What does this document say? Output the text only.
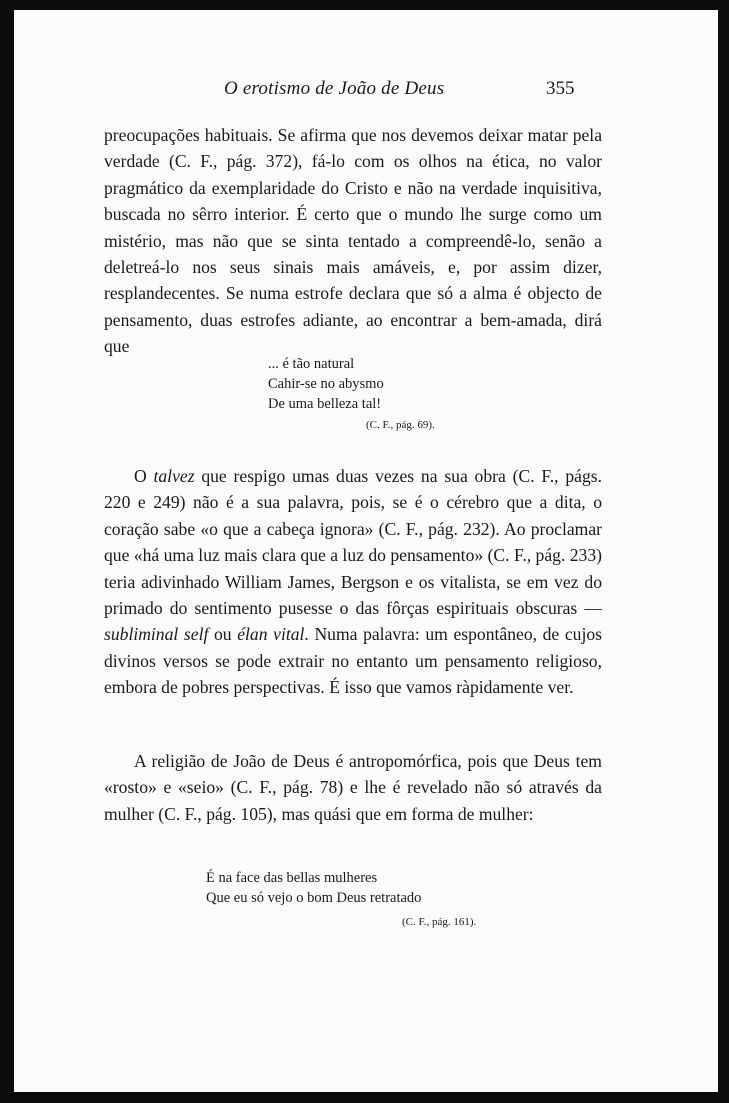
O erotismo de João de Deus	355

preocupações habituais. Se afirma que nos devemos deixar matar pela verdade (C. F., pág. 372), fá-lo com os olhos na ética, no valor pragmático da exemplaridade do Cristo e não na verdade inquisitiva, buscada no sêrro interior. É certo que o mundo lhe surge como um mistério, mas não que se sinta tentado a compreendê-lo, senão a deletreá-lo nos seus sinais mais amáveis, e, por assim dizer, resplandecentes. Se numa estrofe declara que só a alma é objecto de pensamento, duas estrofes adiante, ao encontrar a bem-amada, dirá que

... é tão natural
Cahir-se no abysmo
De uma belleza tal!
(C. F., pág. 69).

O talvez que respigo umas duas vezes na sua obra (C. F., págs. 220 e 249) não é a sua palavra, pois, se é o cérebro que a dita, o coração sabe «o que a cabeça ignora» (C. F., pág. 232). Ao proclamar que «há uma luz mais clara que a luz do pensamento» (C. F., pág. 233) teria adivinhado William James, Bergson e os vitalista, se em vez do primado do sentimento pusesse o das fôrças espirituais obscuras — subliminal self ou élan vital. Numa palavra: um espontâneo, de cujos divinos versos se pode extrair no entanto um pensamento religioso, embora de pobres perspectivas. É isso que vamos ràpidamente ver.

A religião de João de Deus é antropomórfica, pois que Deus tem «rosto» e «seio» (C. F., pág. 78) e lhe é revelado não só através da mulher (C. F., pág. 105), mas quási que em forma de mulher:

É na face das bellas mulheres
Que eu só vejo o bom Deus retratado
(C. F., pág. 161).
